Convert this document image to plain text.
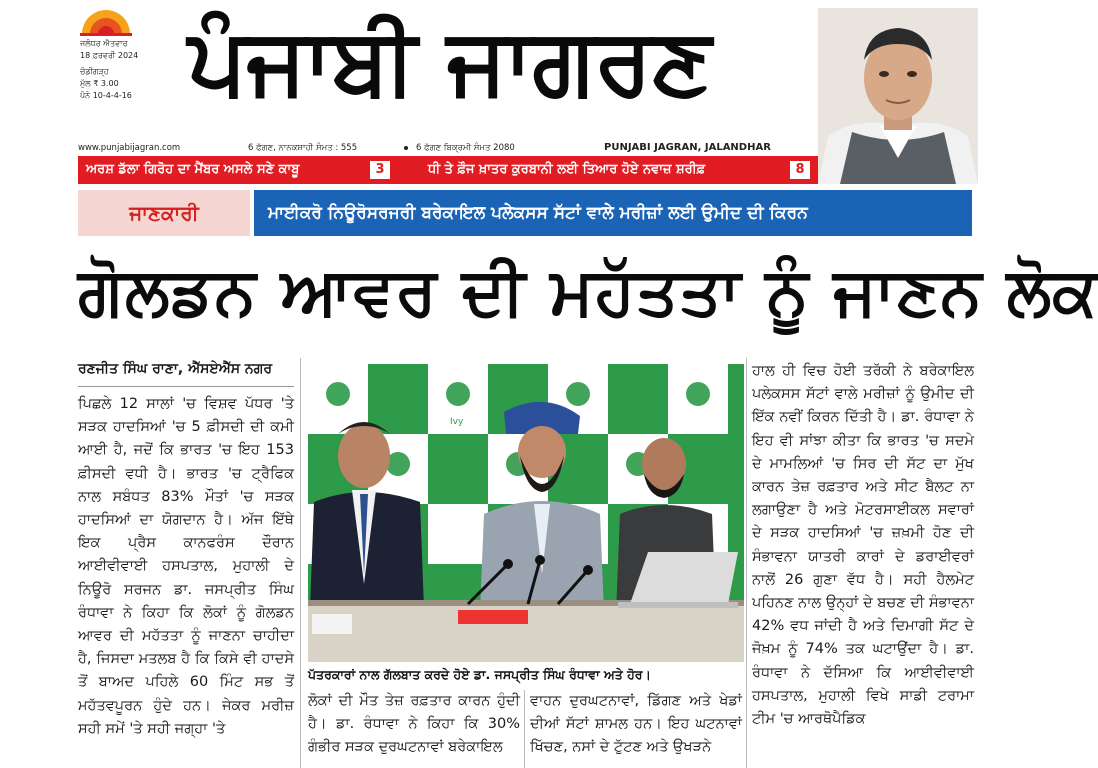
ਜਲੰਧਰ ਐਤਵਾਰ
18 ਫ਼ਰਵਰੀ 2024
ਚੰਡੀਗੜ੍ਹ
ਮੁੱਲ ₹ 3.00
ਪੰਨੇ 10-4-4-16 ਪੰਜਾਬੀ ਜਾਗਰਣ
www.punjabijagran.com	6 ਫੱਗਣ, ਨਾਨਕਸ਼ਾਹੀ ਸੰਮਤ : 555	6 ਫੱਗਣ ਬਿਕ੍ਰਮੀ ਸੰਮਤ 2080	PUNJABI JAGRAN, JALANDHAR
ਅਰਸ਼ ਡੱਲਾ ਗਿਰੋਹ ਦਾ ਮੈਂਬਰ ਅਸਲੇ ਸਣੇ ਕਾਬੂ	3	ਧੀ ਤੇ ਫ਼ੌਜ ਖ਼ਾਤਰ ਕੁਰਬਾਨੀ ਲਈ ਤਿਆਰ ਹੋਏ ਨਵਾਜ਼ ਸ਼ਰੀਫ਼	8
ਜਾਣਕਾਰੀ	ਮਾਈਕਰੋ ਨਿਊਰੋਸਰਜਰੀ ਬਰੇਕਾਇਲ ਪਲੇਕਸਸ ਸੱਟਾਂ ਵਾਲੇ ਮਰੀਜ਼ਾਂ ਲਈ ਉਮੀਦ ਦੀ ਕਿਰਨ
ਗੋਲਡਨ ਆਵਰ ਦੀ ਮਹੱਤਤਾ ਨੂੰ ਜਾਣਨ ਲੋਕ
ਰਣਜੀਤ ਸਿੰਘ ਰਾਣਾ, ਐੱਸਏਐੱਸ ਨਗਰ

ਪਿਛਲੇ 12 ਸਾਲਾਂ 'ਚ ਵਿਸ਼ਵ ਪੱਧਰ 'ਤੇ ਸੜਕ ਹਾਦਸਿਆਂ 'ਚ 5 ਫ਼ੀਸਦੀ ਦੀ ਕਮੀ ਆਈ ਹੈ, ਜਦੋਂ ਕਿ ਭਾਰਤ 'ਚ ਇਹ 153 ਫ਼ੀਸਦੀ ਵਧੀ ਹੈ। ਭਾਰਤ 'ਚ ਟ੍ਰੈਫਿਕ ਨਾਲ ਸਬੰਧਤ 83% ਮੌਤਾਂ 'ਚ ਸੜਕ ਹਾਦਸਿਆਂ ਦਾ ਯੋਗਦਾਨ ਹੈ। ਅੱਜ ਇੱਥੇ ਇਕ ਪ੍ਰੈਸ ਕਾਨਫਰੰਸ ਦੌਰਾਨ ਆਈਵੀਵਾਈ ਹਸਪਤਾਲ, ਮੁਹਾਲੀ ਦੇ ਨਿਊਰੋ ਸਰਜਨ ਡਾ. ਜਸਪ੍ਰੀਤ ਸਿੰਘ ਰੰਧਾਵਾ ਨੇ ਕਿਹਾ ਕਿ ਲੋਕਾਂ ਨੂੰ ਗੋਲਡਨ ਆਵਰ ਦੀ ਮਹੱਤਤਾ ਨੂੰ ਜਾਣਨਾ ਚਾਹੀਦਾ ਹੈ, ਜਿਸਦਾ ਮਤਲਬ ਹੈ ਕਿ ਕਿਸੇ ਵੀ ਹਾਦਸੇ ਤੋਂ ਬਾਅਦ ਪਹਿਲੇ 60 ਮਿੰਟ ਸਭ ਤੋਂ ਮਹੱਤਵਪੂਰਨ ਹੁੰਦੇ ਹਨ। ਜੇਕਰ ਮਰੀਜ਼ ਸਹੀ ਸਮੇਂ 'ਤੇ ਸਹੀ ਜਗ੍ਹਾ 'ਤੇ

Ivy
ਪੱਤਰਕਾਰਾਂ ਨਾਲ ਗੱਲਬਾਤ ਕਰਦੇ ਹੋਏ ਡਾ. ਜਸਪ੍ਰੀਤ ਸਿੰਘ ਰੰਧਾਵਾ ਅਤੇ ਹੋਰ।

ਲੋਕਾਂ ਦੀ ਮੌਤ ਤੇਜ਼ ਰਫ਼ਤਾਰ ਕਾਰਨ ਹੁੰਦੀ ਹੈ। ਡਾ. ਰੰਧਾਵਾ ਨੇ ਕਿਹਾ ਕਿ 30% ਗੰਭੀਰ ਸੜਕ ਦੁਰਘਟਨਾਵਾਂ ਬਰੇਕਾਇਲ

ਵਾਹਨ ਦੁਰਘਟਨਾਵਾਂ, ਡਿੱਗਣ ਅਤੇ ਖੇਡਾਂ ਦੀਆਂ ਸੱਟਾਂ ਸ਼ਾਮਲ ਹਨ। ਇਹ ਘਟਨਾਵਾਂ ਖਿੱਚਣ, ਨਸਾਂ ਦੇ ਟੁੱਟਣ ਅਤੇ ਉਖੜਨੇ

ਹਾਲ ਹੀ ਵਿਚ ਹੋਈ ਤਰੱਕੀ ਨੇ ਬਰੇਕਾਇਲ ਪਲੇਕਸਸ ਸੱਟਾਂ ਵਾਲੇ ਮਰੀਜ਼ਾਂ ਨੂੰ ਉਮੀਦ ਦੀ ਇੱਕ ਨਵੀਂ ਕਿਰਨ ਦਿੱਤੀ ਹੈ। ਡਾ. ਰੰਧਾਵਾ ਨੇ ਇਹ ਵੀ ਸਾਂਝਾ ਕੀਤਾ ਕਿ ਭਾਰਤ 'ਚ ਸਦਮੇ ਦੇ ਮਾਮਲਿਆਂ 'ਚ ਸਿਰ ਦੀ ਸੱਟ ਦਾ ਮੁੱਖ ਕਾਰਨ ਤੇਜ਼ ਰਫ਼ਤਾਰ ਅਤੇ ਸੀਟ ਬੈਲਟ ਨਾ ਲਗਾਉਣਾ ਹੈ ਅਤੇ ਮੋਟਰਸਾਈਕਲ ਸਵਾਰਾਂ ਦੇ ਸੜਕ ਹਾਦਸਿਆਂ 'ਚ ਜ਼ਖ਼ਮੀ ਹੋਣ ਦੀ ਸੰਭਾਵਨਾ ਯਾਤਰੀ ਕਾਰਾਂ ਦੇ ਡਰਾਈਵਰਾਂ ਨਾਲੋਂ 26 ਗੁਣਾ ਵੱਧ ਹੈ। ਸਹੀ ਹੈਲਮੇਟ ਪਹਿਨਣ ਨਾਲ ਉਨ੍ਹਾਂ ਦੇ ਬਚਣ ਦੀ ਸੰਭਾਵਨਾ 42% ਵਧ ਜਾਂਦੀ ਹੈ ਅਤੇ ਦਿਮਾਗੀ ਸੱਟ ਦੇ ਜੋਖ਼ਮ ਨੂੰ 74% ਤਕ ਘਟਾਉਂਦਾ ਹੈ। ਡਾ. ਰੰਧਾਵਾ ਨੇ ਦੱਸਿਆ ਕਿ ਆਈਵੀਵਾਈ ਹਸਪਤਾਲ, ਮੁਹਾਲੀ ਵਿਖੇ ਸਾਡੀ ਟਰਾਮਾ ਟੀਮ 'ਚ ਆਰਥੋਪੈਡਿਕ
